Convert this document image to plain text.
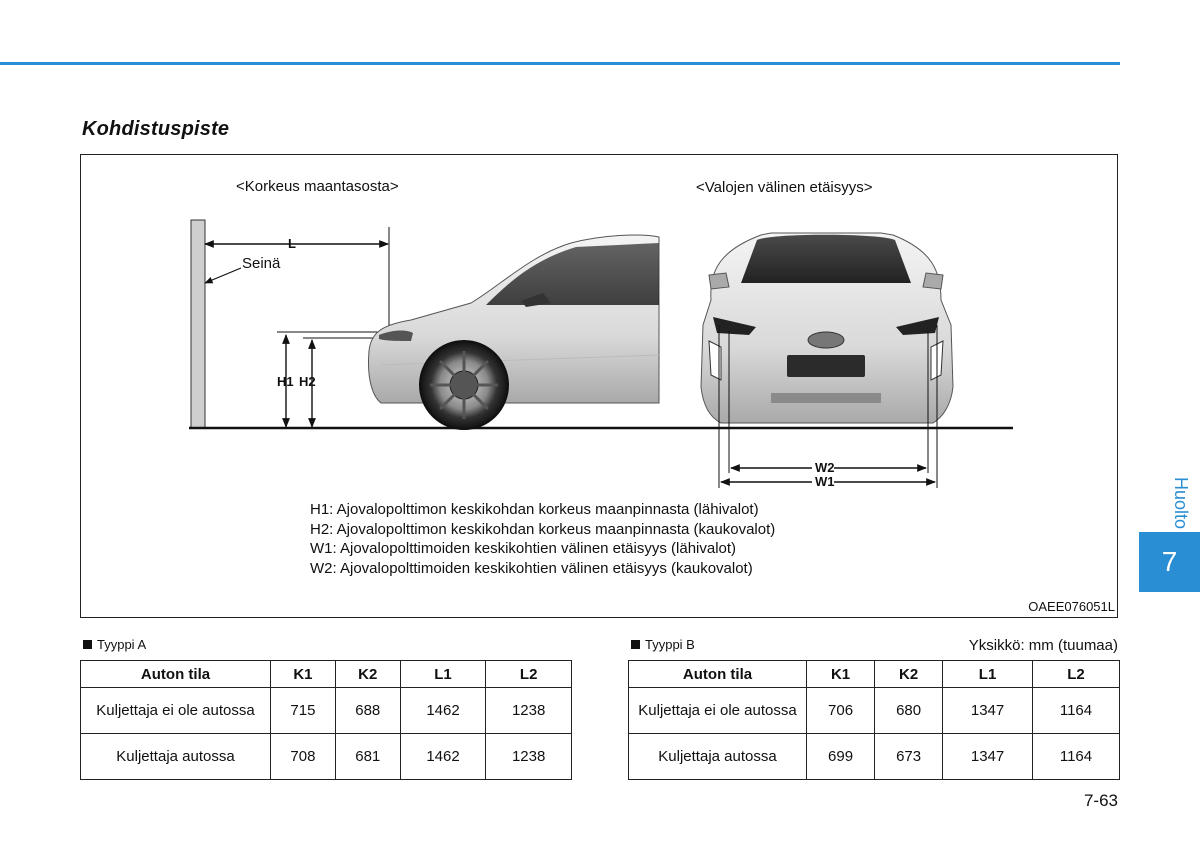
Kohdistuspiste
<Korkeus maantasosta>	<Valojen välinen etäisyys>
L
Seinä
H1 H2
W2
W1
H1: Ajovalopolttimon keskikohdan korkeus maanpinnasta (lähivalot)
H2: Ajovalopolttimon keskikohdan korkeus maanpinnasta (kaukovalot)
W1: Ajovalopolttimoiden keskikohtien välinen etäisyys (lähivalot)
W2: Ajovalopolttimoiden keskikohtien välinen etäisyys (kaukovalot)
OAEE076051L
Tyyppi A
Auton tila	K1	K2	L1	L2
Kuljettaja ei ole autossa	715	688	1462	1238
Kuljettaja autossa	708	681	1462	1238
Tyyppi B	Yksikkö: mm (tuumaa)
Auton tila	K1	K2	L1	L2
Kuljettaja ei ole autossa	706	680	1347	1164
Kuljettaja autossa	699	673	1347	1164
Huolto
7
7-63
